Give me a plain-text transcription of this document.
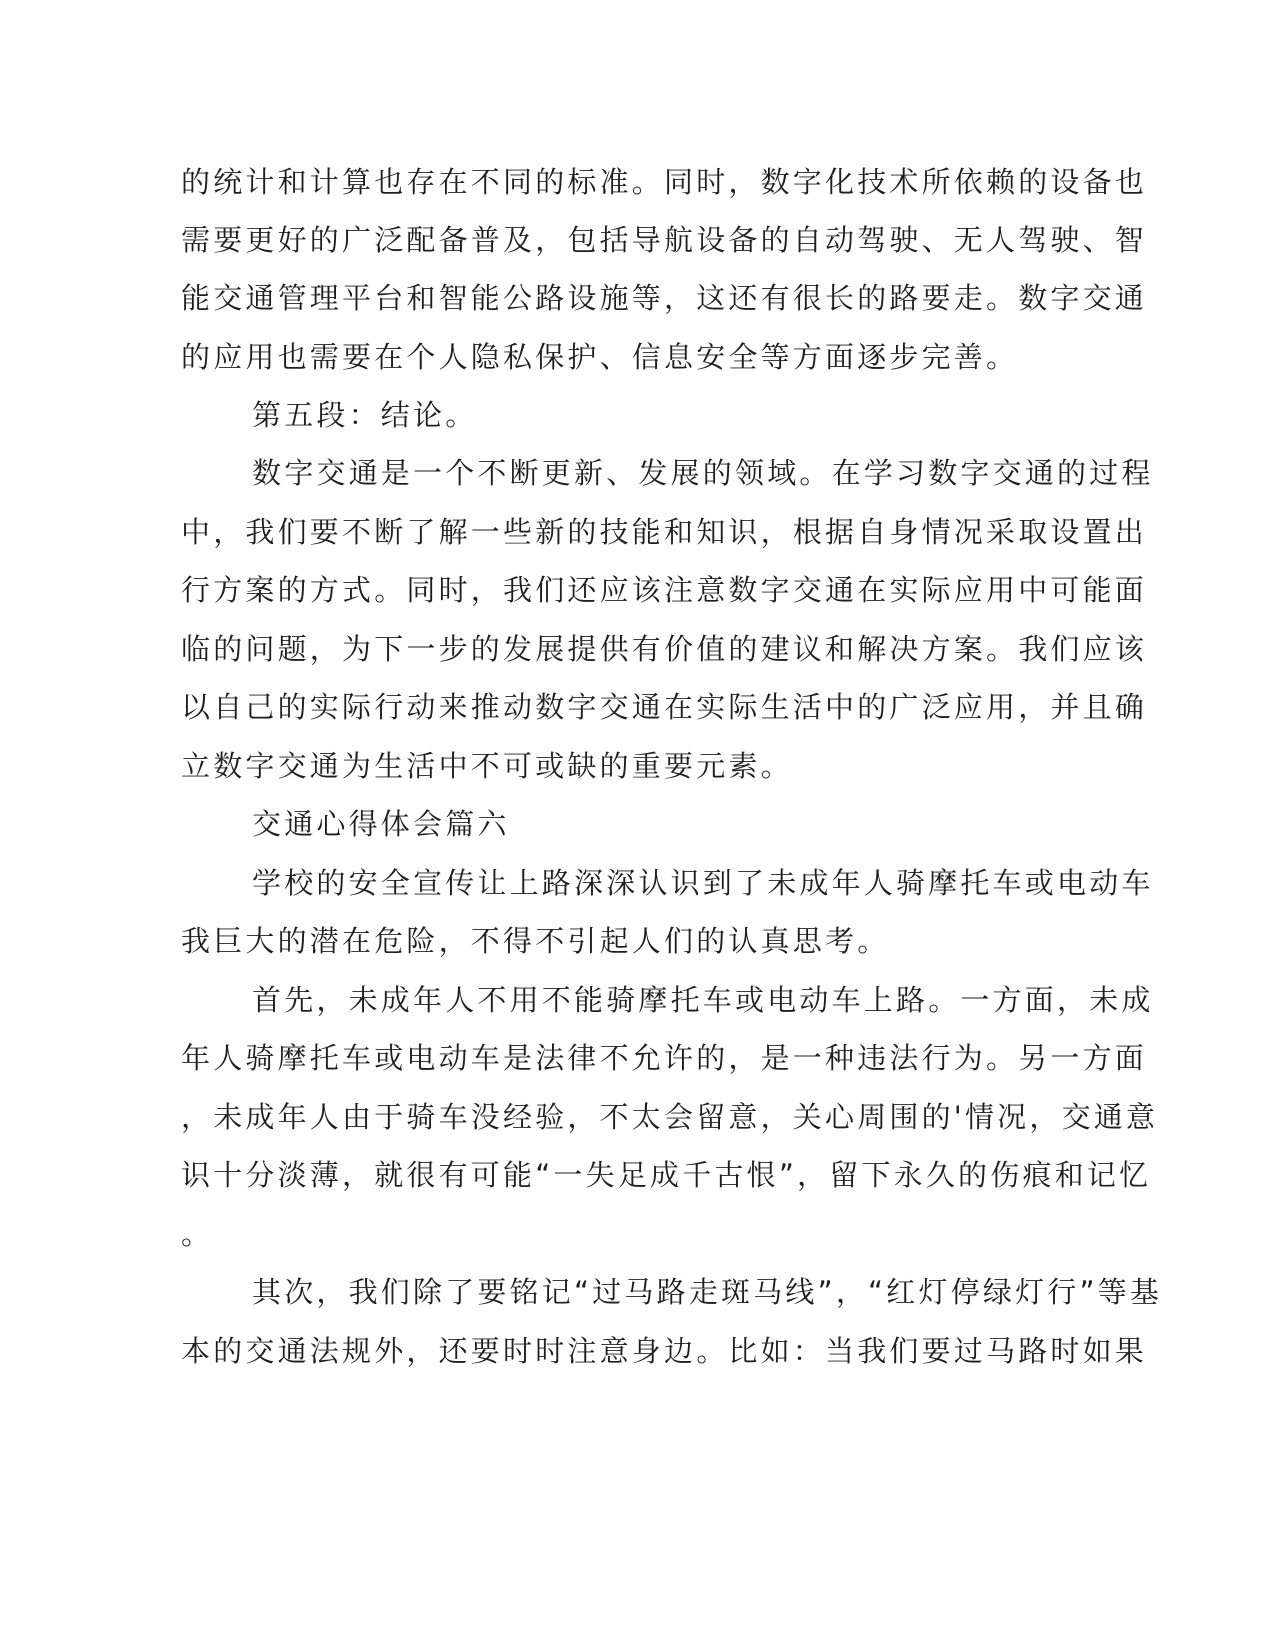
的统计和计算也存在不同的标准。同时，数字化技术所依赖的设备也
需要更好的广泛配备普及，包括导航设备的自动驾驶、无人驾驶、智
能交通管理平台和智能公路设施等，这还有很长的路要走。数字交通
的应用也需要在个人隐私保护、信息安全等方面逐步完善。
第五段：结论。
数字交通是一个不断更新、发展的领域。在学习数字交通的过程
中，我们要不断了解一些新的技能和知识，根据自身情况采取设置出
行方案的方式。同时，我们还应该注意数字交通在实际应用中可能面
临的问题，为下一步的发展提供有价值的建议和解决方案。我们应该
以自己的实际行动来推动数字交通在实际生活中的广泛应用，并且确
立数字交通为生活中不可或缺的重要元素。
交通心得体会篇六
学校的安全宣传让上路深深认识到了未成年人骑摩托车或电动车
我巨大的潜在危险，不得不引起人们的认真思考。
首先，未成年人不用不能骑摩托车或电动车上路。一方面，未成
年人骑摩托车或电动车是法律不允许的，是一种违法行为。另一方面
，未成年人由于骑车没经验，不太会留意，关心周围的'情况，交通意
识十分淡薄，就很有可能“一失足成千古恨”，留下永久的伤痕和记忆
。
其次，我们除了要铭记“过马路走斑马线”，“红灯停绿灯行”等基
本的交通法规外，还要时时注意身边。比如：当我们要过马路时如果
